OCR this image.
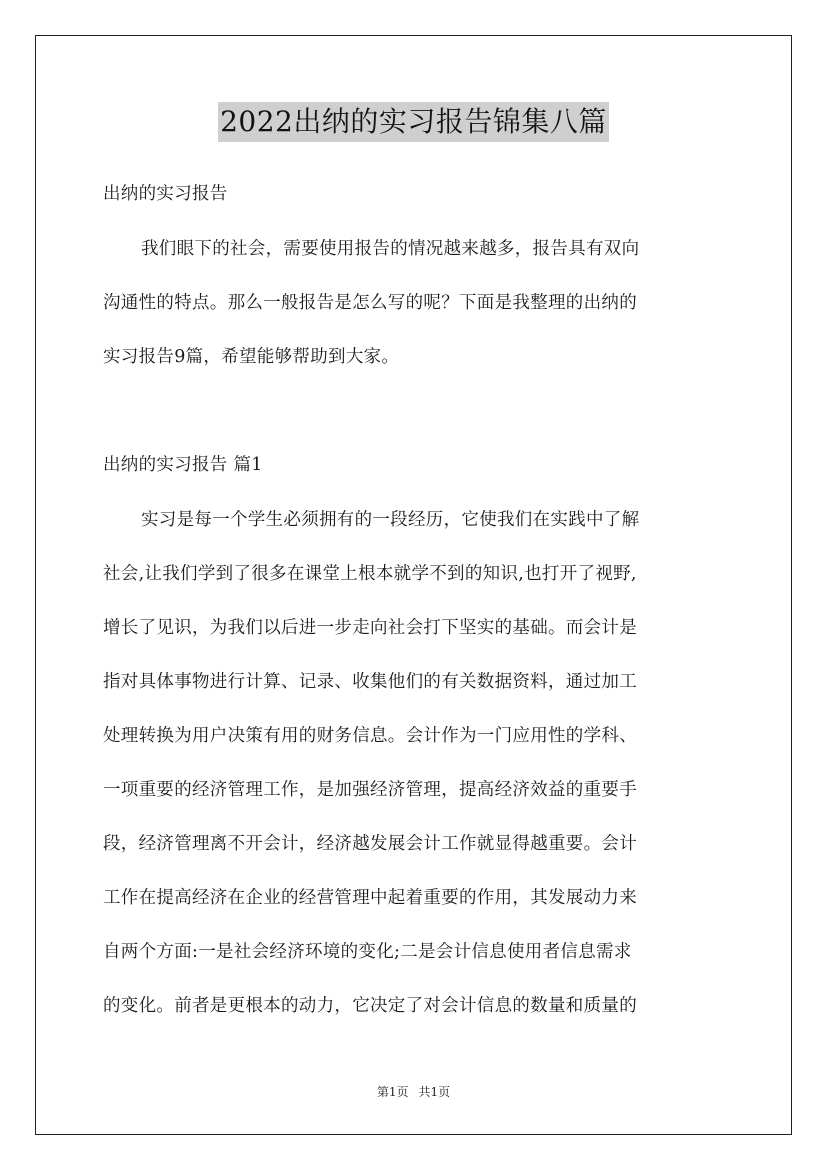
2022出纳的实习报告锦集八篇
出纳的实习报告
我们眼下的社会，需要使用报告的情况越来越多，报告具有双向
沟通性的特点。那么一般报告是怎么写的呢？下面是我整理的出纳的
实习报告9篇，希望能够帮助到大家。
出纳的实习报告 篇1
实习是每一个学生必须拥有的一段经历，它使我们在实践中了解
社会,让我们学到了很多在课堂上根本就学不到的知识,也打开了视野,
增长了见识，为我们以后进一步走向社会打下坚实的基础。而会计是
指对具体事物进行计算、记录、收集他们的有关数据资料，通过加工
处理转换为用户决策有用的财务信息。会计作为一门应用性的学科、
一项重要的经济管理工作，是加强经济管理，提高经济效益的重要手
段，经济管理离不开会计，经济越发展会计工作就显得越重要。会计
工作在提高经济在企业的经营管理中起着重要的作用，其发展动力来
自两个方面:一是社会经济环境的变化;二是会计信息使用者信息需求
的变化。前者是更根本的动力，它决定了对会计信息的数量和质量的
第1页 共1页
